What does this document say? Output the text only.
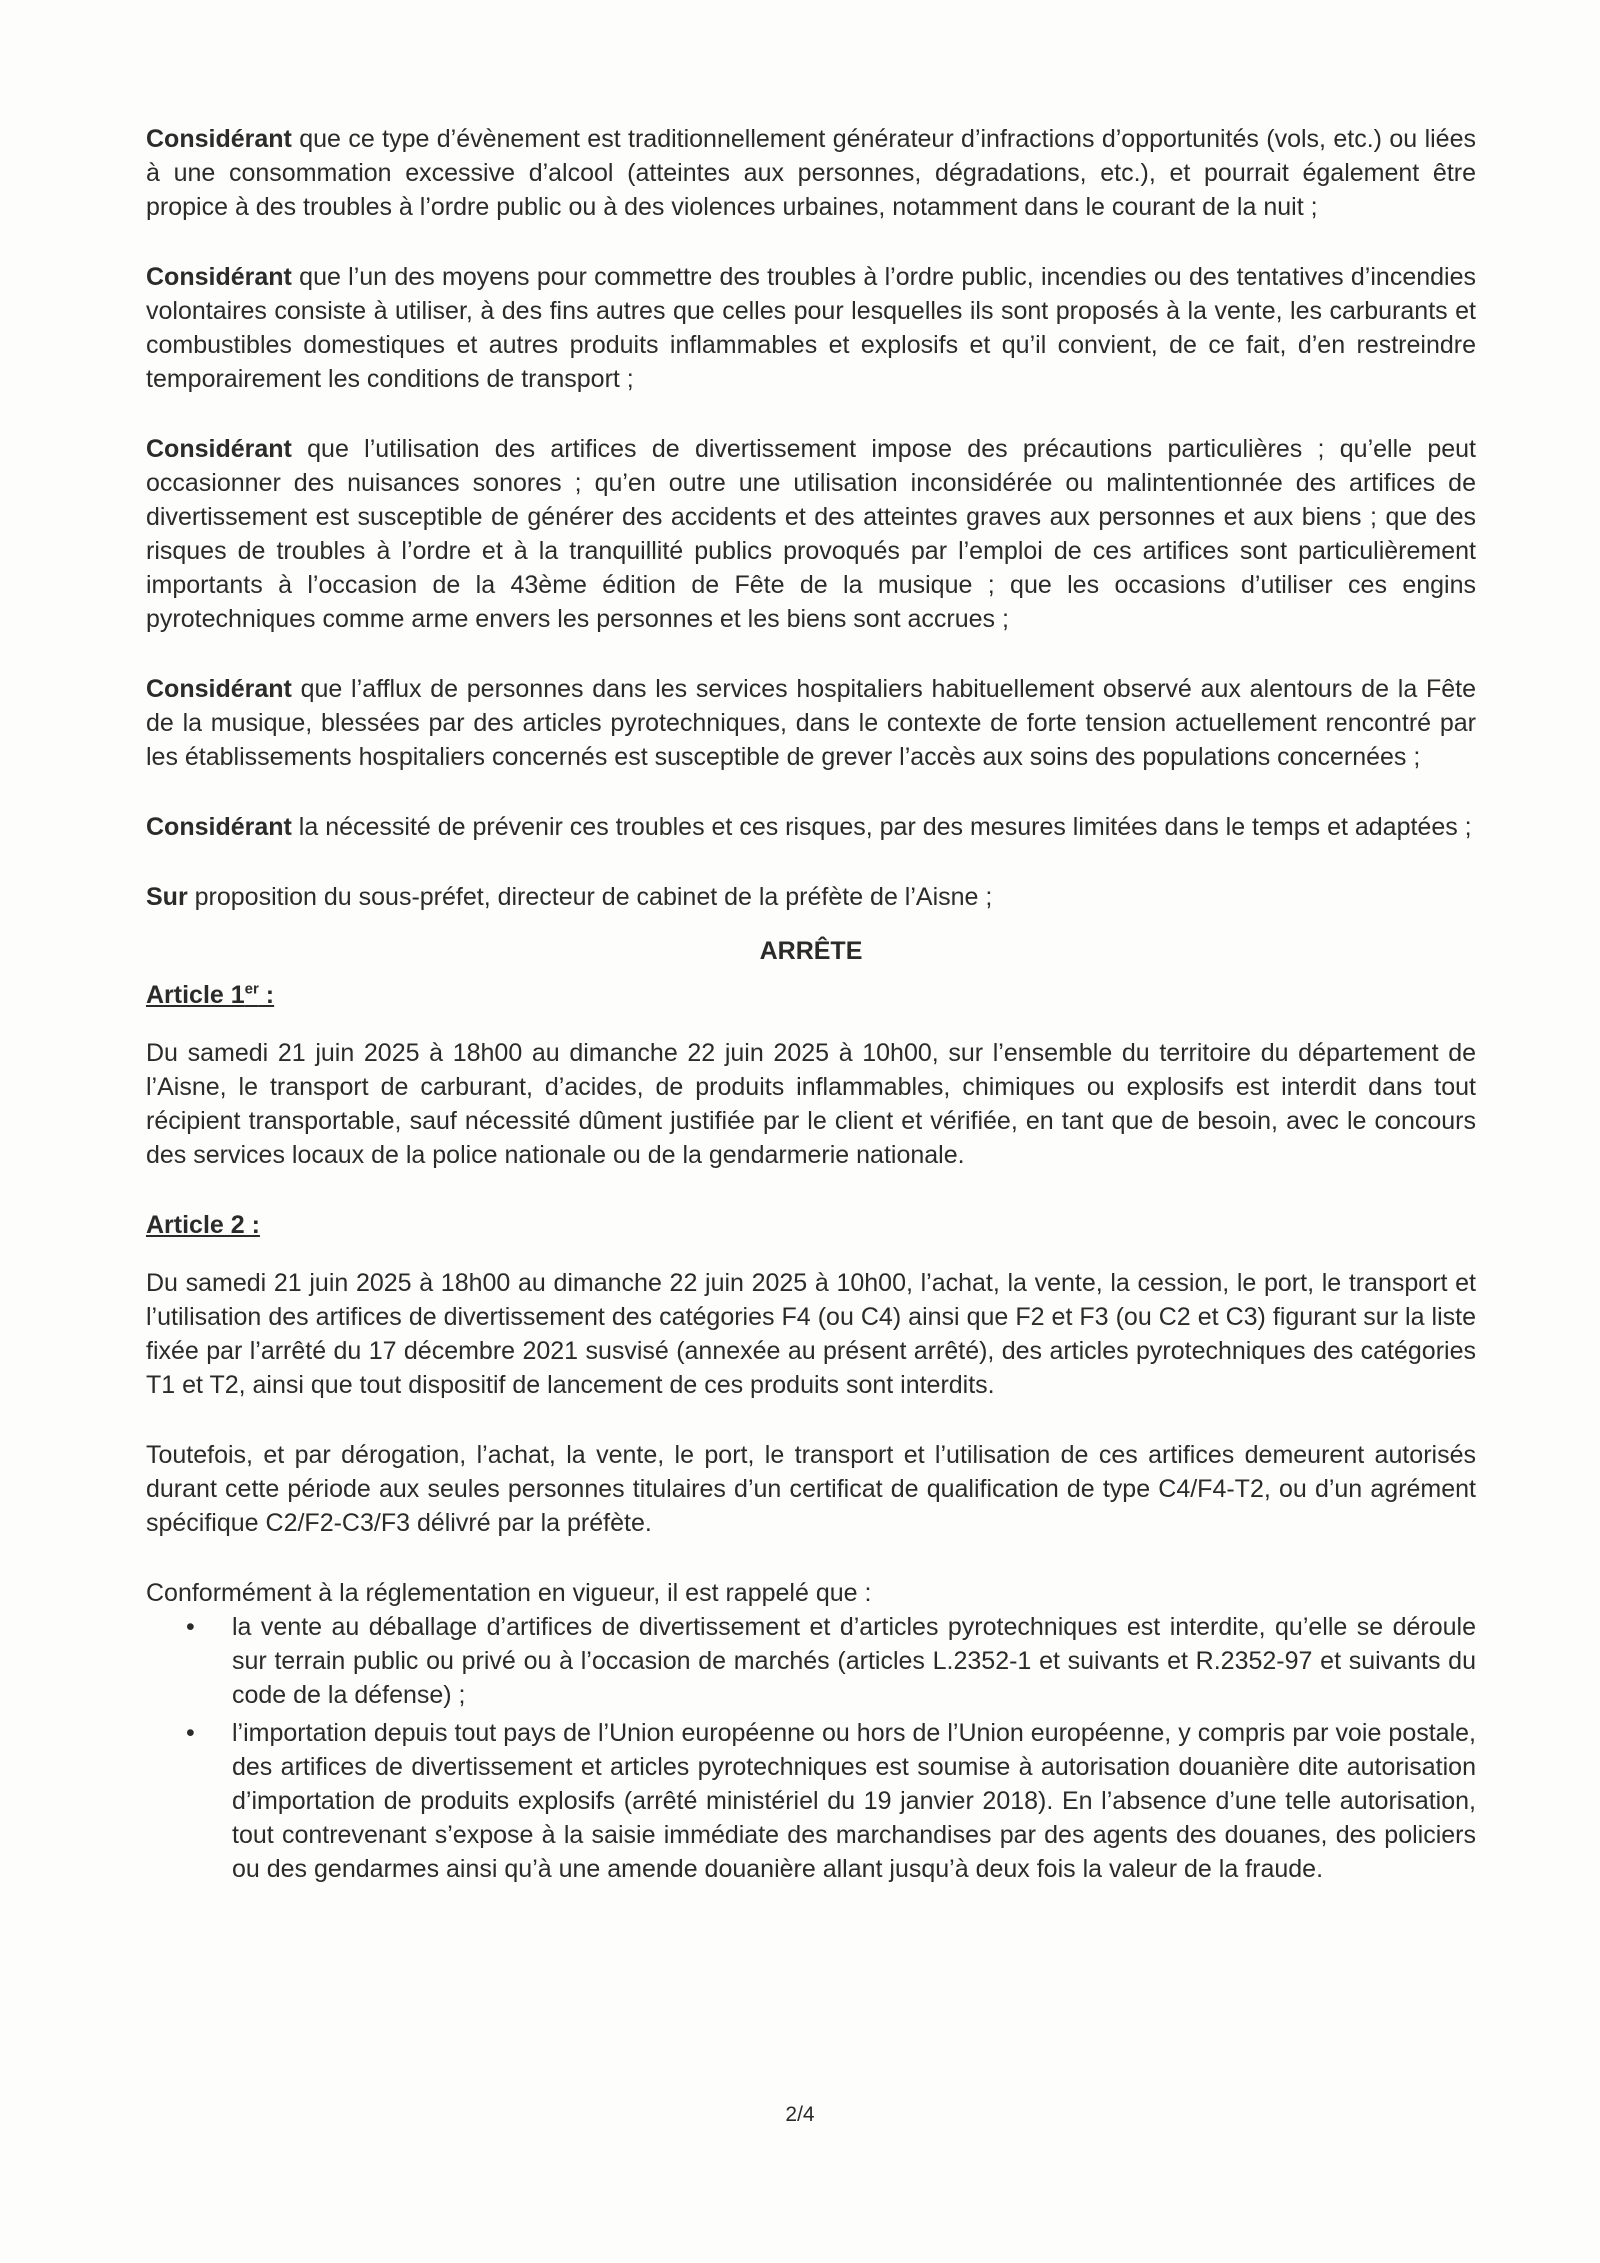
Considérant que ce type d’évènement est traditionnellement générateur d’infractions d’opportunités (vols, etc.) ou liées à une consommation excessive d’alcool (atteintes aux personnes, dégradations, etc.), et pourrait également être propice à des troubles à l’ordre public ou à des violences urbaines, notamment dans le courant de la nuit ;

Considérant que l’un des moyens pour commettre des troubles à l’ordre public, incendies ou des tentatives d’incendies volontaires consiste à utiliser, à des fins autres que celles pour lesquelles ils sont proposés à la vente, les carburants et combustibles domestiques et autres produits inflammables et explosifs et qu’il convient, de ce fait, d’en restreindre temporairement les conditions de transport ;

Considérant que l’utilisation des artifices de divertissement impose des précautions particulières ; qu’elle peut occasionner des nuisances sonores ; qu’en outre une utilisation inconsidérée ou malintentionnée des artifices de divertissement est susceptible de générer des accidents et des atteintes graves aux personnes et aux biens ; que des risques de troubles à l’ordre et à la tranquillité publics provoqués par l’emploi de ces artifices sont particulièrement importants à l’occasion de la 43ème édition de Fête de la musique ; que les occasions d’utiliser ces engins pyrotechniques comme arme envers les personnes et les biens sont accrues ;

Considérant que l’afflux de personnes dans les services hospitaliers habituellement observé aux alentours de la Fête de la musique, blessées par des articles pyrotechniques, dans le contexte de forte tension actuellement rencontré par les établissements hospitaliers concernés est susceptible de grever l’accès aux soins des populations concernées ;

Considérant la nécessité de prévenir ces troubles et ces risques, par des mesures limitées dans le temps et adaptées ;

Sur proposition du sous-préfet, directeur de cabinet de la préfète de l’Aisne ;

ARRÊTE

Article 1er :

Du samedi 21 juin 2025 à 18h00 au dimanche 22 juin 2025 à 10h00, sur l’ensemble du territoire du département de l’Aisne, le transport de carburant, d’acides, de produits inflammables, chimiques ou explosifs est interdit dans tout récipient transportable, sauf nécessité dûment justifiée par le client et vérifiée, en tant que de besoin, avec le concours des services locaux de la police nationale ou de la gendarmerie nationale.

Article 2 :

Du samedi 21 juin 2025 à 18h00 au dimanche 22 juin 2025 à 10h00, l’achat, la vente, la cession, le port, le transport et l’utilisation des artifices de divertissement des catégories F4 (ou C4) ainsi que F2 et F3 (ou C2 et C3) figurant sur la liste fixée par l’arrêté du 17 décembre 2021 susvisé (annexée au présent arrêté), des articles pyrotechniques des catégories T1 et T2, ainsi que tout dispositif de lancement de ces produits sont interdits.

Toutefois, et par dérogation, l’achat, la vente, le port, le transport et l’utilisation de ces artifices demeurent autorisés durant cette période aux seules personnes titulaires d’un certificat de qualification de type C4/F4-T2, ou d’un agrément spécifique C2/F2-C3/F3 délivré par la préfète.

Conformément à la réglementation en vigueur, il est rappelé que :

• la vente au déballage d’artifices de divertissement et d’articles pyrotechniques est interdite, qu’elle se déroule sur terrain public ou privé ou à l’occasion de marchés (articles L.2352-1 et suivants et R.2352-97 et suivants du code de la défense) ;
• l’importation depuis tout pays de l’Union européenne ou hors de l’Union européenne, y compris par voie postale, des artifices de divertissement et articles pyrotechniques est soumise à autorisation douanière dite autorisation d’importation de produits explosifs (arrêté ministériel du 19 janvier 2018). En l’absence d’une telle autorisation, tout contrevenant s’expose à la saisie immédiate des marchandises par des agents des douanes, des policiers ou des gendarmes ainsi qu’à une amende douanière allant jusqu’à deux fois la valeur de la fraude.
2/4
